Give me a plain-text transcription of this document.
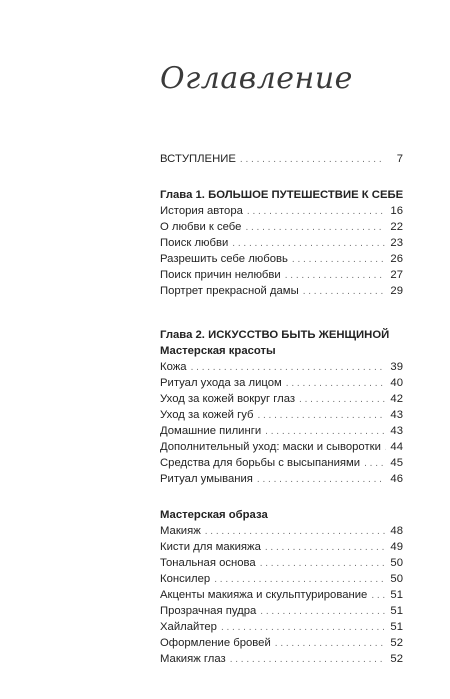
Оглавление
ВСТУПЛЕНИЕ . . .	7
Глава 1. БОЛЬШОЕ ПУТЕШЕСТВИЕ К СЕБЕ
История автора . . .	16
О любви к себе . . .	22
Поиск любви . . .	23
Разрешить себе любовь . . .	26
Поиск причин нелюбви . . .	27
Портрет прекрасной дамы . . .	29
Глава 2. ИСКУССТВО БЫТЬ ЖЕНЩИНОЙ
Мастерская красоты
Кожа . . .	39
Ритуал ухода за лицом . . .	40
Уход за кожей вокруг глаз . . .	42
Уход за кожей губ . . .	43
Домашние пилинги . . .	43
Дополнительный уход: маски и сыворотки . . . 44
Средства для борьбы с высыпаниями . . .	45
Ритуал умывания . . .	46
Мастерская образа
Макияж . . .	48
Кисти для макияжа . . .	49
Тональная основа . . .	50
Консилер . . .	50
Акценты макияжа и скульптурирование . . .	51
Прозрачная пудра . . .	51
Хайлайтер . . .	51
Оформление бровей . . .	52
Макияж глаз . . .	52
